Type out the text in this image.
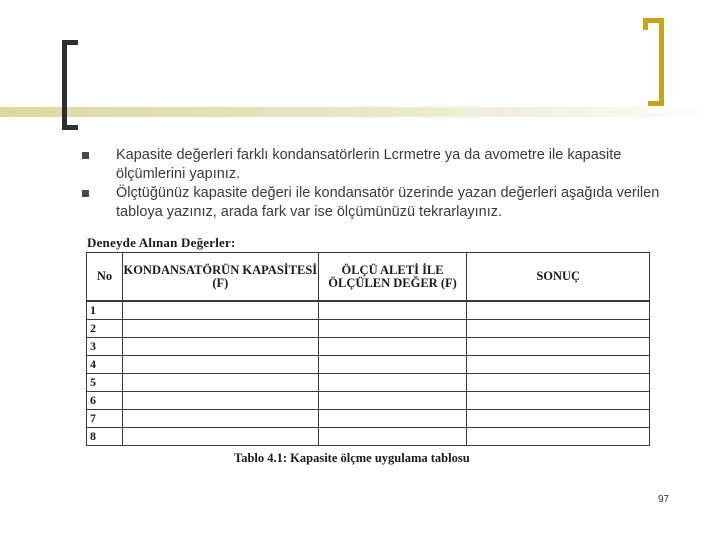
Kapasite değerleri farklı kondansatörlerin Lcrmetre ya da avometre ile kapasite ölçümlerini yapınız.
Ölçtüğünüz kapasite değeri ile kondansatör üzerinde yazan değerleri aşağıda verilen tabloya yazınız, arada fark var ise ölçümünüzü tekrarlayınız.
Deneyde Alınan Değerler:
No	KONDANSATÖRÜN KAPASİTESİ (F)	ÖLÇÜ ALETİ İLE ÖLÇÜLEN DEĞER (F)	SONUÇ
1			
2			
3			
4			
5			
6			
7			
8			
Tablo 4.1: Kapasite ölçme uygulama tablosu
97
